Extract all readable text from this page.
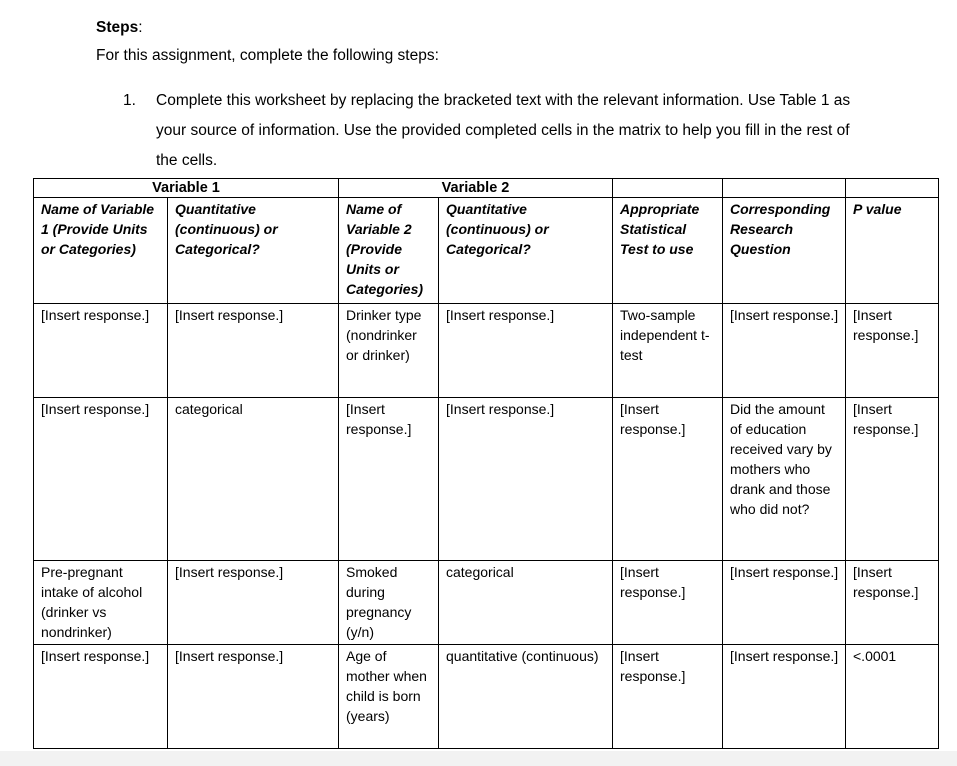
Steps:
For this assignment, complete the following steps:
1.	Complete this worksheet by replacing the bracketed text with the relevant information. Use Table 1 as your source of information. Use the provided completed cells in the matrix to help you fill in the rest of the cells.
Variable 1		Variable 2				
Name of Variable 1 (Provide Units or Categories)	Quantitative (continuous) or Categorical?	Name of Variable 2 (Provide Units or Categories)	Quantitative (continuous) or Categorical?	Appropriate Statistical Test to use	Corresponding Research Question	P value
[Insert response.]	[Insert response.]	Drinker type (nondrinker or drinker)	[Insert response.]	Two-sample independent t-test	[Insert response.]	[Insert response.]
[Insert response.]	categorical	[Insert response.]	[Insert response.]	[Insert response.]	Did the amount of education received vary by mothers who drank and those who did not?	[Insert response.]
Pre-pregnant intake of alcohol (drinker vs nondrinker)	[Insert response.]	Smoked during pregnancy (y/n)	categorical	[Insert response.]	[Insert response.]	[Insert response.]
[Insert response.]	[Insert response.]	Age of mother when child is born (years)	quantitative (continuous)	[Insert response.]	[Insert response.]	<.0001
